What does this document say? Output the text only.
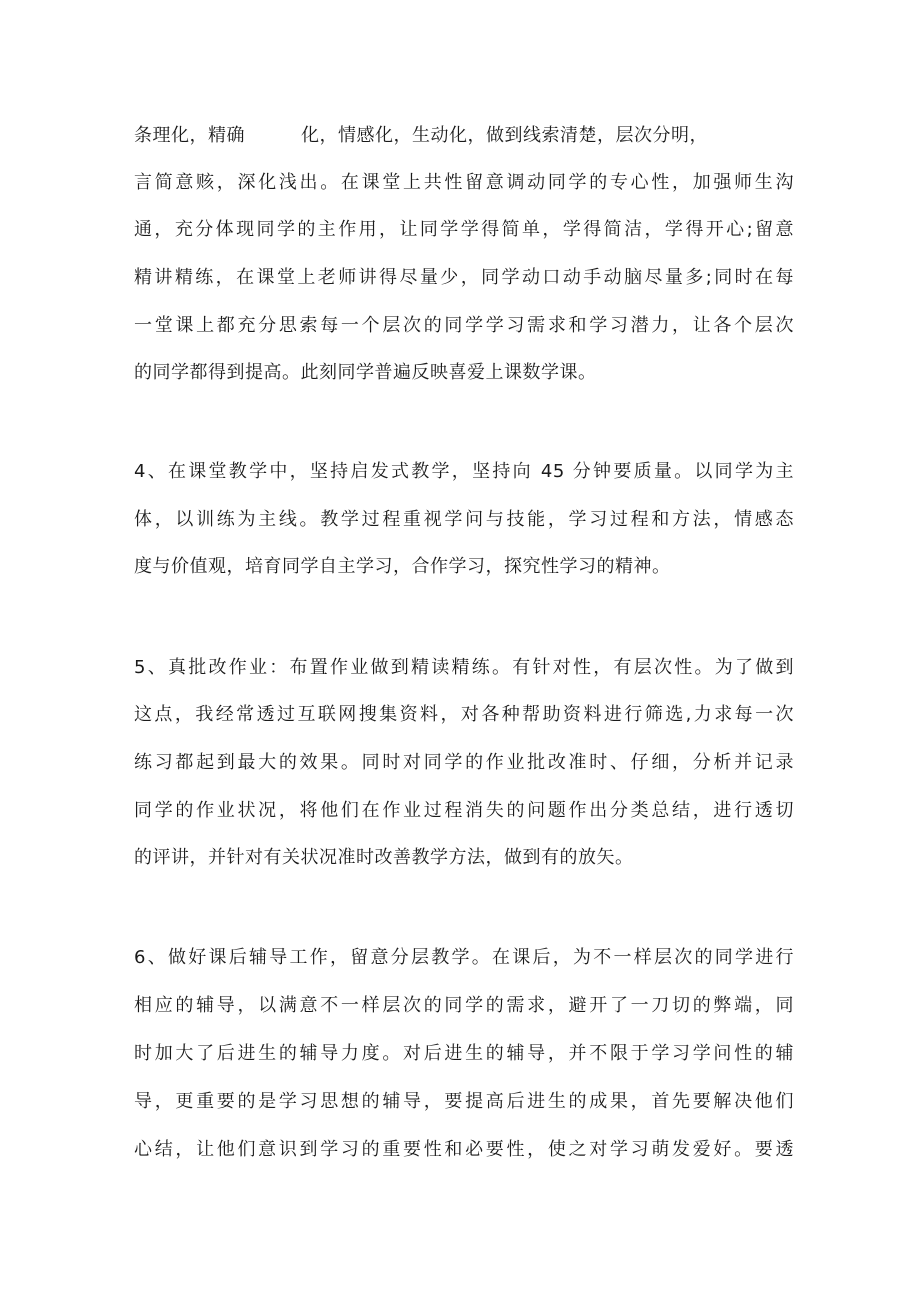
条理化，精确         化，情感化，生动化，做到线索清楚，层次分明，
言简意赅，深化浅出。在课堂上共性留意调动同学的专心性，加强师生沟
通，充分体现同学的主作用，让同学学得简单，学得简洁，学得开心;留意
精讲精练，在课堂上老师讲得尽量少，同学动口动手动脑尽量多;同时在每
一堂课上都充分思索每一个层次的同学学习需求和学习潜力，让各个层次
的同学都得到提高。此刻同学普遍反映喜爱上课数学课。
4、在课堂教学中，坚持启发式教学，坚持向 45 分钟要质量。以同学为主
体，以训练为主线。教学过程重视学问与技能，学习过程和方法，情感态
度与价值观，培育同学自主学习，合作学习，探究性学习的精神。
5、真批改作业：布置作业做到精读精练。有针对性，有层次性。为了做到
这点，我经常透过互联网搜集资料，对各种帮助资料进行筛选,力求每一次
练习都起到最大的效果。同时对同学的作业批改准时、仔细，分析并记录
同学的作业状况，将他们在作业过程消失的问题作出分类总结，进行透切
的评讲，并针对有关状况准时改善教学方法，做到有的放矢。
6、做好课后辅导工作，留意分层教学。在课后，为不一样层次的同学进行
相应的辅导，以满意不一样层次的同学的需求，避开了一刀切的弊端，同
时加大了后进生的辅导力度。对后进生的辅导，并不限于学习学问性的辅
导，更重要的是学习思想的辅导，要提高后进生的成果，首先要解决他们
心结，让他们意识到学习的重要性和必要性，使之对学习萌发爱好。要透
